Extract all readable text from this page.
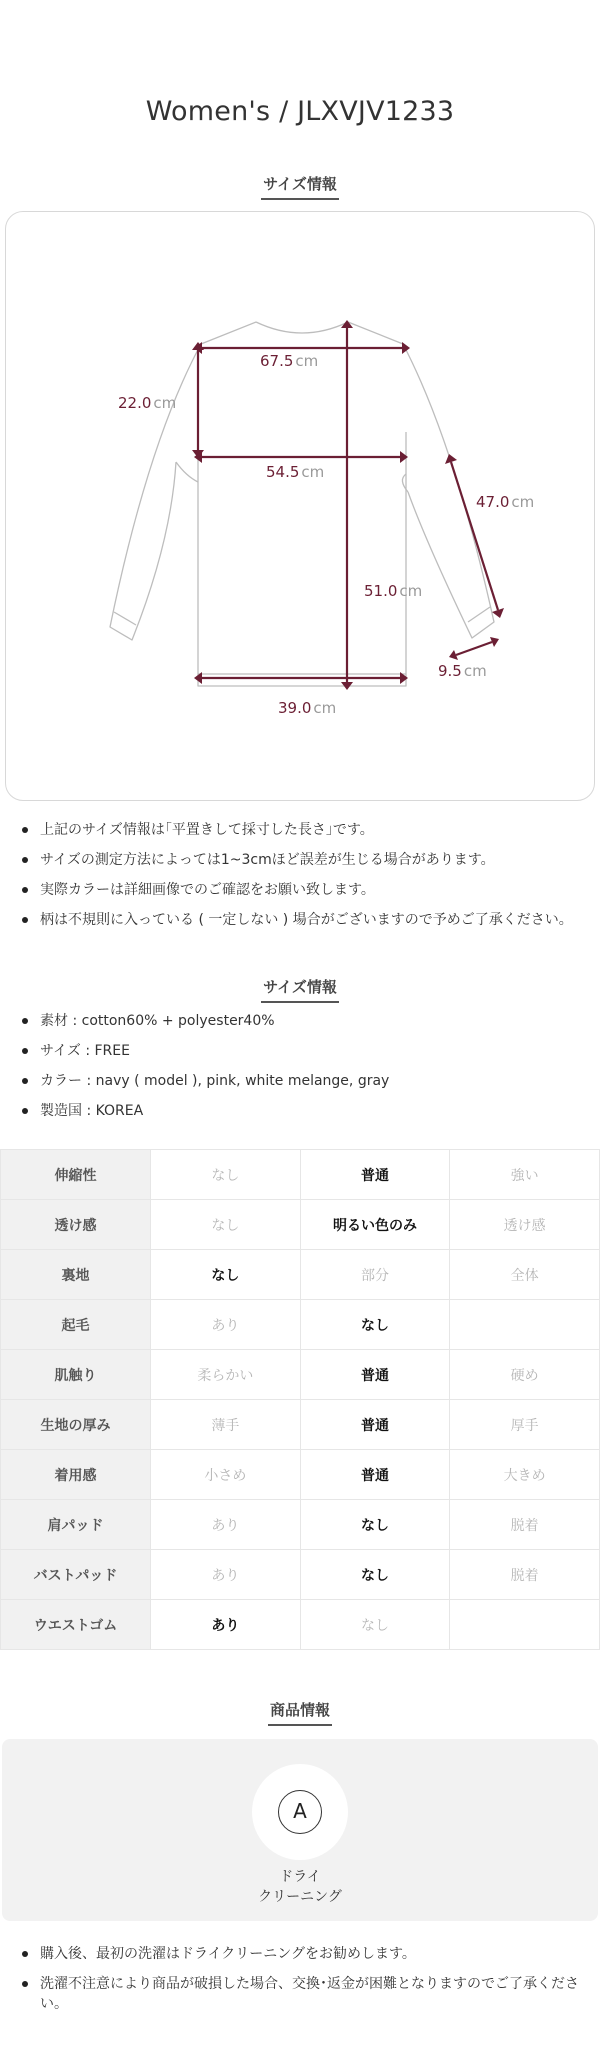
Women's / JLXVJV1233
サイズ情報
67.5 cm
22.0 cm
54.5 cm
47.0 cm
51.0 cm
9.5 cm
39.0 cm
上記のサイズ情報は｢平置きして採寸した長さ｣です。
サイズの測定方法によっては1~3cmほど誤差が生じる場合があります。
実際カラーは詳細画像でのご確認をお願い致します。
柄は不規則に入っている ( 一定しない ) 場合がございますので予めご了承ください。
サイズ情報
素材 : cotton60% + polyester40%
サイズ : FREE
カラー : navy ( model ), pink, white melange, gray
製造国 : KOREA
伸縮性	なし	普通	強い
透け感	なし	明るい色のみ	透け感
裏地	なし	部分	全体
起毛	あり	なし	
肌触り	柔らかい	普通	硬め
生地の厚み	薄手	普通	厚手
着用感	小さめ	普通	大きめ
肩パッド	あり	なし	脱着
バストパッド	あり	なし	脱着
ウエストゴム	あり	なし	
商品情報
A
ドライ
クリーニング
購入後、最初の洗濯はドライクリーニングをお勧めします。
洗濯不注意により商品が破損した場合、交換･返金が困難となりますのでご了承ください。
